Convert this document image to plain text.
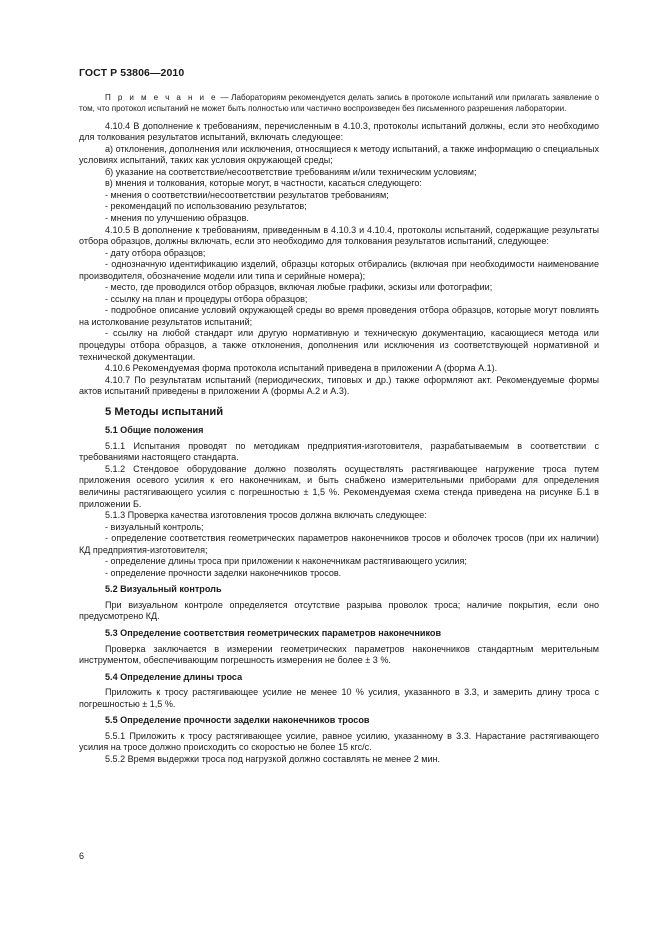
ГОСТ Р 53806—2010

П р и м е ч а н и е — Лабораториям рекомендуется делать запись в протоколе испытаний или прилагать заявление о том, что протокол испытаний не может быть полностью или частично воспроизведен без письменного разрешения лаборатории.

4.10.4 В дополнение к требованиям, перечисленным в 4.10.3, протоколы испытаний должны, если это необходимо для толкования результатов испытаний, включать следующее:

а) отклонения, дополнения или исключения, относящиеся к методу испытаний, а также информацию о специальных условиях испытаний, таких как условия окружающей среды;

б) указание на соответствие/несоответствие требованиям и/или техническим условиям;

в) мнения и толкования, которые могут, в частности, касаться следующего:

- мнения о соответствии/несоответствии результатов требованиям;

- рекомендаций по использованию результатов;

- мнения по улучшению образцов.

4.10.5 В дополнение к требованиям, приведенным в 4.10.3 и 4.10.4, протоколы испытаний, содержащие результаты отбора образцов, должны включать, если это необходимо для толкования результатов испытаний, следующее:

- дату отбора образцов;

- однозначную идентификацию изделий, образцы которых отбирались (включая при необходимости наименование производителя, обозначение модели или типа и серийные номера);

- место, где проводился отбор образцов, включая любые графики, эскизы или фотографии;

- ссылку на план и процедуры отбора образцов;

- подробное описание условий окружающей среды во время проведения отбора образцов, которые могут повлиять на истолкование результатов испытаний;

- ссылку на любой стандарт или другую нормативную и техническую документацию, касающиеся метода или процедуры отбора образцов, а также отклонения, дополнения или исключения из соответствующей нормативной и технической документации.

4.10.6 Рекомендуемая форма протокола испытаний приведена в приложении А (форма А.1).

4.10.7 По результатам испытаний (периодических, типовых и др.) также оформляют акт. Рекомендуемые формы актов испытаний приведены в приложении А (формы А.2 и А.3).

5 Методы испытаний
5.1 Общие положения

5.1.1 Испытания проводят по методикам предприятия-изготовителя, разрабатываемым в соответствии с требованиями настоящего стандарта.

5.1.2 Стендовое оборудование должно позволять осуществлять растягивающее нагружение троса путем приложения осевого усилия к его наконечникам, и быть снабжено измерительными приборами для определения величины растягивающего усилия с погрешностью ± 1,5 %. Рекомендуемая схема стенда приведена на рисунке Б.1 в приложении Б.

5.1.3 Проверка качества изготовления тросов должна включать следующее:

- визуальный контроль;

- определение соответствия геометрических параметров наконечников тросов и оболочек тросов (при их наличии) КД предприятия-изготовителя;

- определение длины троса при приложении к наконечникам растягивающего усилия;

- определение прочности заделки наконечников тросов.

5.2 Визуальный контроль

При визуальном контроле определяется отсутствие разрыва проволок троса; наличие покрытия, если оно предусмотрено КД.

5.3 Определение соответствия геометрических параметров наконечников

Проверка заключается в измерении геометрических параметров наконечников стандартным мерительным инструментом, обеспечивающим погрешность измерения не более ± 3 %.

5.4 Определение длины троса

Приложить к тросу растягивающее усилие не менее 10 % усилия, указанного в 3.3, и замерить длину троса с погрешностью ± 1,5 %.

5.5 Определение прочности заделки наконечников тросов

5.5.1 Приложить к тросу растягивающее усилие, равное усилию, указанному в 3.3. Нарастание растягивающего усилия на тросе должно происходить со скоростью не более 15 кгс/с.

5.5.2 Время выдержки троса под нагрузкой должно составлять не менее 2 мин.

6
